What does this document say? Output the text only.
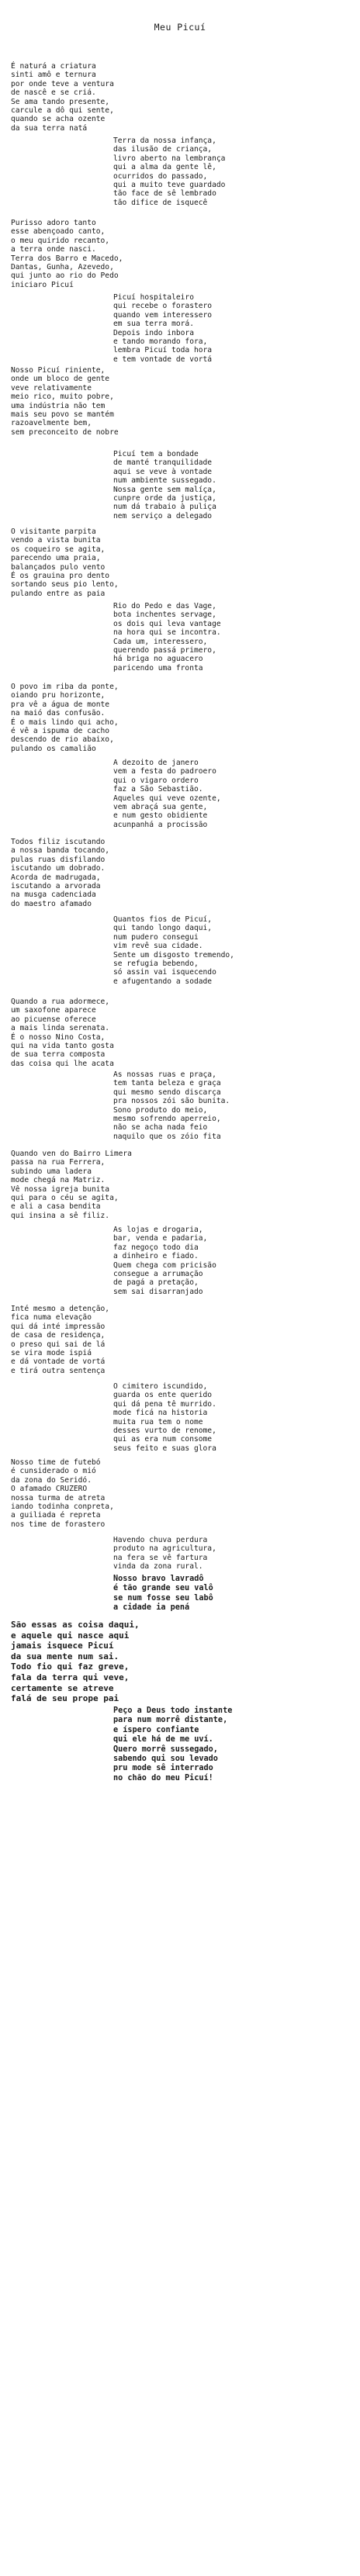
Meu Picuí
É naturá a criatura
sinti amô e ternura
por onde teve a ventura
de nascê e se criá.
Se ama tando presente,
carcule a dô qui sente,
quando se acha ozente
da sua terra natá
Terra da nossa infança,
das ilusão de criança,
livro aberto na lembrança
qui a alma da gente lê,
ocurridos do passado,
qui a muito teve guardado
tão face de sê lembrado
tão difice de isquecê
Purisso adoro tanto
esse abençoado canto,
o meu quirido recanto,
a terra onde nasci.
Terra dos Barro e Macedo,
Dantas, Gunha, Azevedo,
qui junto ao rio do Pedo
iniciaro Picuí
Picuí hospitaleiro
qui recebe o forastero
quando vem interessero
em sua terra morá.
Depois indo inbora
e tando morando fora,
lembra Picuí toda hora
e tem vontade de vortá
Nosso Picuí riniente,
onde um bloco de gente
veve relativamente
meio rico, muito pobre,
uma indústria não tem
mais seu povo se mantém
razoavelmente bem,
sem preconceito de nobre
Picuí tem a bondade
de manté tranquilidade
aqui se veve à vontade
num ambiente sussegado.
Nossa gente sem malíça,
cunpre orde da justiça,
num dá trabaio à puliça
nem serviço a delegado
O visitante parpita
vendo a vista bunita
os coqueiro se agita,
parecendo uma praia,
balançados pulo vento
É os grauina pro dento
sortando seus pio lento,
pulando entre as paia
Rio do Pedo e das Vage,
bota inchentes servage,
os dois qui leva vantage
na hora qui se incontra.
Cada um, interessero,
querendo passá primero,
há briga no aguacero
paricendo uma fronta
O povo im riba da ponte,
oiando pru horizonte,
pra vê a água de monte
na maió das confusão.
É o mais lindo qui acho,
é vê a ispuma de cacho
descendo de rio abaixo,
pulando os camalião
A dezoito de janero
vem a festa do padroero
qui o vigaro ordero
faz a São Sebastião.
Aqueles qui veve ozente,
vem abraçá sua gente,
e num gesto obidiente
acunpanhá a procissão
Todos filiz iscutando
a nossa banda tocando,
pulas ruas disfilando
iscutando um dobrado.
Acorda de madrugada,
iscutando a arvorada
na musga cadenciada
do maestro afamado
Quantos fios de Picuí,
qui tando longo daqui,
num pudero consegui
vim revê sua cidade.
Sente um disgosto tremendo,
se refugia bebendo,
só assin vai isquecendo
e afugentando a sodade
Quando a rua adormece,
um saxofone aparece
ao picuense oferece
a mais linda serenata.
É o nosso Nino Costa,
qui na vida tanto gosta
de sua terra composta
das coisa qui lhe acata
As nossas ruas e praça,
tem tanta beleza e graça
qui mesmo sendo discarça
pra nossos zói são bunita.
Sono produto do meio,
mesmo sofrendo aperreio,
não se acha nada feio
naquilo que os zóio fita
Quando ven do Bairro Limera
passa na rua Ferrera,
subindo uma ladera
mode chegá na Matriz.
Vê nossa igreja bunita
qui para o céu se agita,
e ali a casa bendita
qui insina a sê filiz.
As lojas e drogaria,
bar, venda e padaria,
faz negoço todo dia
a dinheiro e fiado.
Quem chega com pricisão
consegue a arrumação
de pagá a pretação,
sem sai disarranjado
Inté mesmo a detenção,
fica numa elevação
qui dá inté impressão
de casa de residença,
o preso qui sai de lá
se vira mode ispiá
e dá vontade de vortá
e tirá outra sentença
O cimitero iscundido,
guarda os ente querido
qui dá pena tê murrido.
mode ficá na historia
muita rua tem o nome
desses vurto de renome,
qui as era num consome
seus feito e suas glora
Nosso time de futebó
é cunsiderado o mió
da zona do Seridó.
O afamado CRUZERO
nossa turma de atreta
iando todinha conpreta,
a guiliada é repreta
nos time de forastero
Havendo chuva perdura
produto na agricultura,
na fera se vê fartura
vinda da zona rural.
Nosso bravo lavradô
é tão grande seu valô
se num fosse seu labô
a cidade ia pená
São essas as coisa daqui,
e aquele qui nasce aqui
jamais isquece Picuí
da sua mente num sai.
Todo fio qui faz greve,
fala da terra qui veve,
certamente se atreve
falá de seu prope pai
Peço a Deus todo instante
para num morrê distante,
e íspero confiante
qui ele há de me uví.
Quero morrê sussegado,
sabendo qui sou levado
pru mode sê interrado
no chão do meu Picuí!
